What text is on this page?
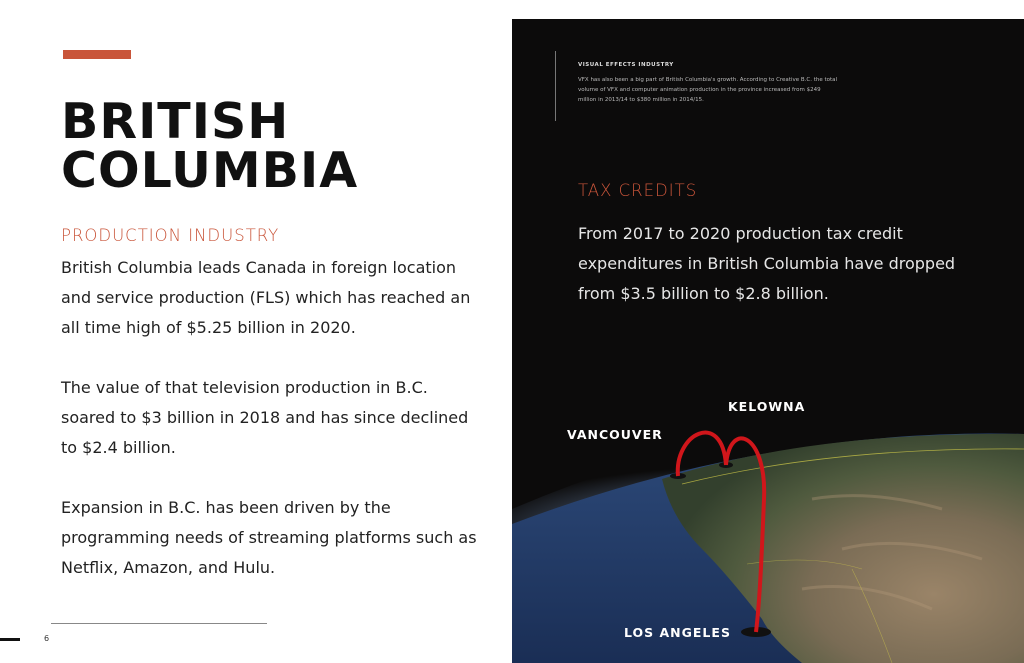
BRITISH
COLUMBIA
PRODUCTION INDUSTRY
British Columbia leads Canada in foreign location and service production (FLS) which has reached an all time high of $5.25 billion in 2020.
The value of that television production in B.C. soared to $3 billion in 2018 and has since declined to $2.4 billion.
Expansion in B.C. has been driven by the programming needs of streaming platforms such as Netflix, Amazon, and Hulu.
6
VISUAL EFFECTS INDUSTRY
VFX has also been a big part of British Columbia's growth. According to Creative B.C. the total volume of VFX and computer animation production in the province increased from $249 million in 2013/14 to $380 million in 2014/15.
TAX CREDITS
From 2017 to 2020 production tax credit expenditures in British Columbia have dropped from $3.5 billion to $2.8 billion.
KELOWNA
VANCOUVER
LOS ANGELES
